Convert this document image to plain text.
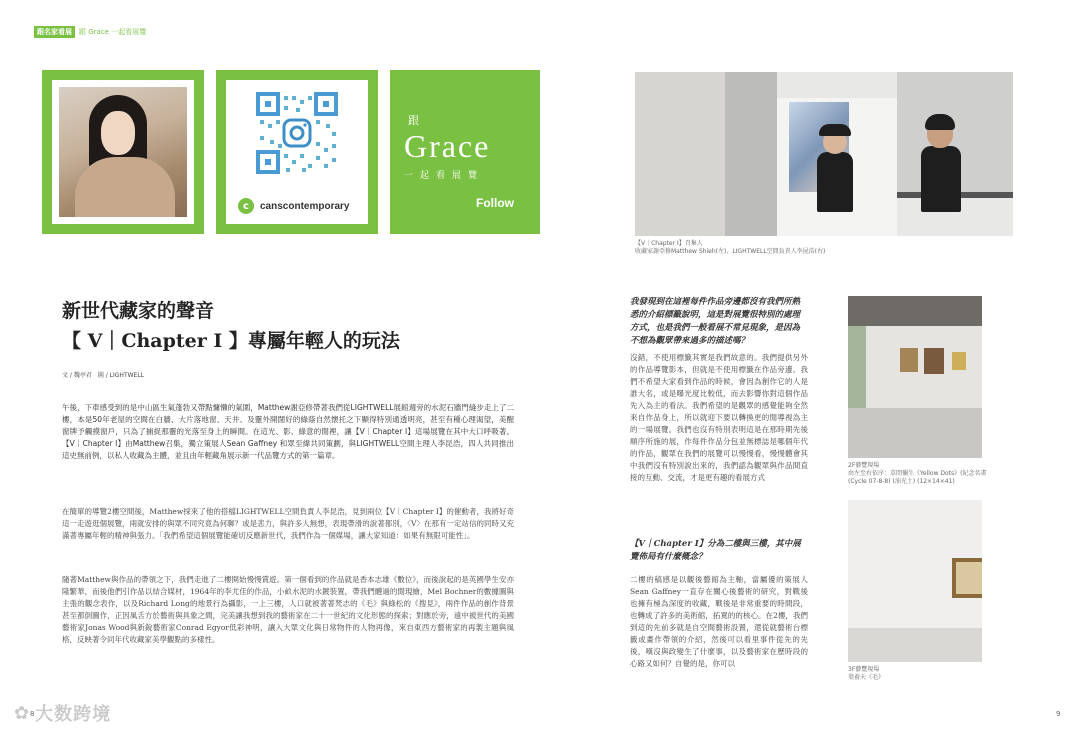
跟名家看展	跟 Grace 一起看展覽
c	canscontemporary
跟
Grace
一起看展覽
Follow
新世代藏家的聲音
【 V｜Chapter I 】專屬年輕人的玩法
文 / 魏亭君　圖 / LIGHTWELL

午後，下車感受到的是中山區生氣蓬勃又帶點慵懶的氣圍，Matthew謝亞修帶著我們從LIGHTWELL展館週旁的水泥石牆門縫步走上了二樓，本是50年老屋的空間在白牆、大片落地窗、天井、及靈外開闊好的綠蔭自然懷托之下顯得特別通透明亮，甚至有種心理渴望，美醒窗牌予觸摸窗戶，只為了捕捉那靈的光落至身上的瞬間。在這光、影、綠意的閒裡，讓【V｜Chapter I】這場展覽在其中大口呼吸著。【V｜Chapter I】由Matthew召集，獨立策展人Sean Gaffney 和眾至緯共同策劃，與LIGHTWELL空間主理人李昆浩，四人共同推出這史無前例，以私人收藏為主體，並且由年輕藏角展示新一代品覽方式的第一篇章。

在簡單的導覽2樓空間後，Matthew採來了他的搭檔LIGHTWELL空間負責人李昆浩，見到兩位【V｜Chapter I】的催動者，我將好奇這一走遊逛個展覽，兩就安排的與眾不同究竟為何聊？或是悲力，與許多人無想，表現帶滑的說著都別，〈V〉在那有一定站信的同時又充滿著專屬年輕的精神與張力。「我們希望這個展覽能確切反應新世代，我們作為一個媒場，讓大家知道：如果有無限可能性」。

隨著Matthew與作品的帶領之下，我們走進了二樓開始慢慢賞遊。第一個看到的作品就是香本志雄《數位》，而後說起的是英國學生安亦隆繁華，而後他們引作品以結合媒材，1964年的李尤佳的作品，小畝水泥的水鍍裝置，帶我們體過的閒現繪，Mel Bochner的數據圖與主張的觀念表作，以及Richard Long的地景行為攝影，一上三樓，人口就被著著梵志的《毛》與綠松的《搜見》，兩件作品的創作背景甚至都倒圖作，正因風舌方於藝術與具象之間，完美讓我想到我的藝術家在二十一世紀的文化形態的探索；對應於旁，遠中被世代的美國藝術家Jonas Wood與新銳藝術家Conrad Egyor低彩神明，讓入大眾文化與日常物件的人物再像，來自東西方藝術家的再製主題與風格，反映著令同年代收藏家美學觀點的多樣性。

✿ 大数跨境
8
【V｜Chapter I】召集人
收藏家謝亞修Matthew Shieh(左)、LIGHTWELL空間負責人李昆浩(右)

我發現到在這裡每件作品旁邊都沒有我們所熟悉的介紹標籤說明，這是對展覽很特別的處理方式，也是我們一般看展不常見現象，是因為不想為觀眾帶來過多的描述嗎？

沒錯，不使用標籤其實是我們故意的。我們提供另外的作品導覽影本，但就是不使用標籤在作品旁邊。我們不希望大家看到作品的時候，會因為創作它的人是誰大名，或是曝光度比較低，而去影響你對這個作品先入為主的看法。我們希望的是觀眾的感覺能夠全然來自作品身上，所以就迎下要以轉換更的閒導視為主的一場展覽。我們也沒有特別表明這是在那時期先後順序所施的展，作每件作品分包並無標誌是哪個年代的作品，觀眾在我們的展覽可以慢慢看，慢慢體會其中我們沒有特別說出來的，我們認為觀眾與作品間直接的互動、交流，才是更有趣的看展方式

【V｜Chapter I】分為二樓與三樓，其中展覽佈局有什麼概念？

二樓的稿感是以觀後藝館為主軸，當屬優的策展人Sean Gaffney一直存在關心後藝術的研究，對戰後也擁有極為深度的收藏，戰後是非常重要的時間段，也轉成了許多的美術館，拓寬的的核心。在2樓，我們到這的先前多就是自空間藝術設置，還從就藝術台標籤或畫作帶領的介紹，然後可以看里事件從先的先後，嘆沒與政變生了什麼事，以及藝術家在歷時段的心路又如何？自覺的是，你可以

2F藝覽現場
由左至右依序：草間彌生《Yellow Dots》(紀念名畫(Cycle 07-8-8) (油光土) (12×14×41)
3F藝覽現場
葉養天《毛》
9
